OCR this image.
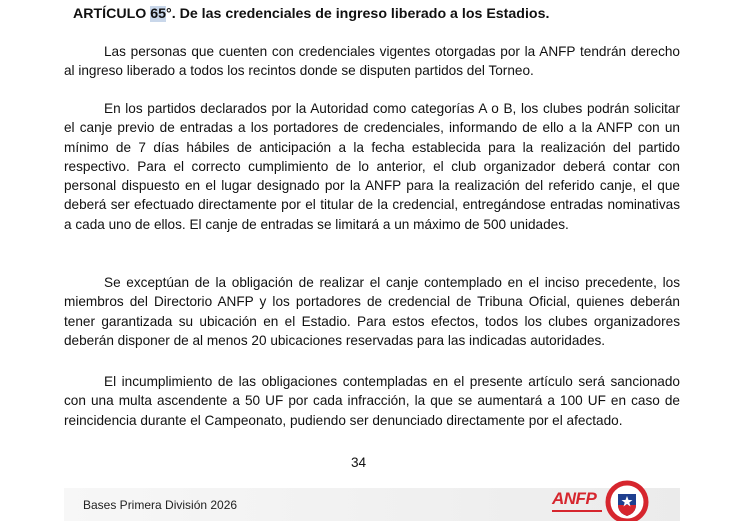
ARTÍCULO 65°. De las credenciales de ingreso liberado a los Estadios.

Las personas que cuenten con credenciales vigentes otorgadas por la ANFP tendrán derecho al ingreso liberado a todos los recintos donde se disputen partidos del Torneo.

En los partidos declarados por la Autoridad como categorías A o B, los clubes podrán solicitar el canje previo de entradas a los portadores de credenciales, informando de ello a la ANFP con un mínimo de 7 días hábiles de anticipación a la fecha establecida para la realización del partido respectivo. Para el correcto cumplimiento de lo anterior, el club organizador deberá contar con personal dispuesto en el lugar designado por la ANFP para la realización del referido canje, el que deberá ser efectuado directamente por el titular de la credencial, entregándose entradas nominativas a cada uno de ellos. El canje de entradas se limitará a un máximo de 500 unidades.

Se exceptúan de la obligación de realizar el canje contemplado en el inciso precedente, los miembros del Directorio ANFP y los portadores de credencial de Tribuna Oficial, quienes deberán tener garantizada su ubicación en el Estadio. Para estos efectos, todos los clubes organizadores deberán disponer de al menos 20 ubicaciones reservadas para las indicadas autoridades.

El incumplimiento de las obligaciones contempladas en el presente artículo será sancionado con una multa ascendente a 50 UF por cada infracción, la que se aumentará a 100 UF en caso de reincidencia durante el Campeonato, pudiendo ser denunciado directamente por el afectado.

34
Bases Primera División 2026	ANFP
